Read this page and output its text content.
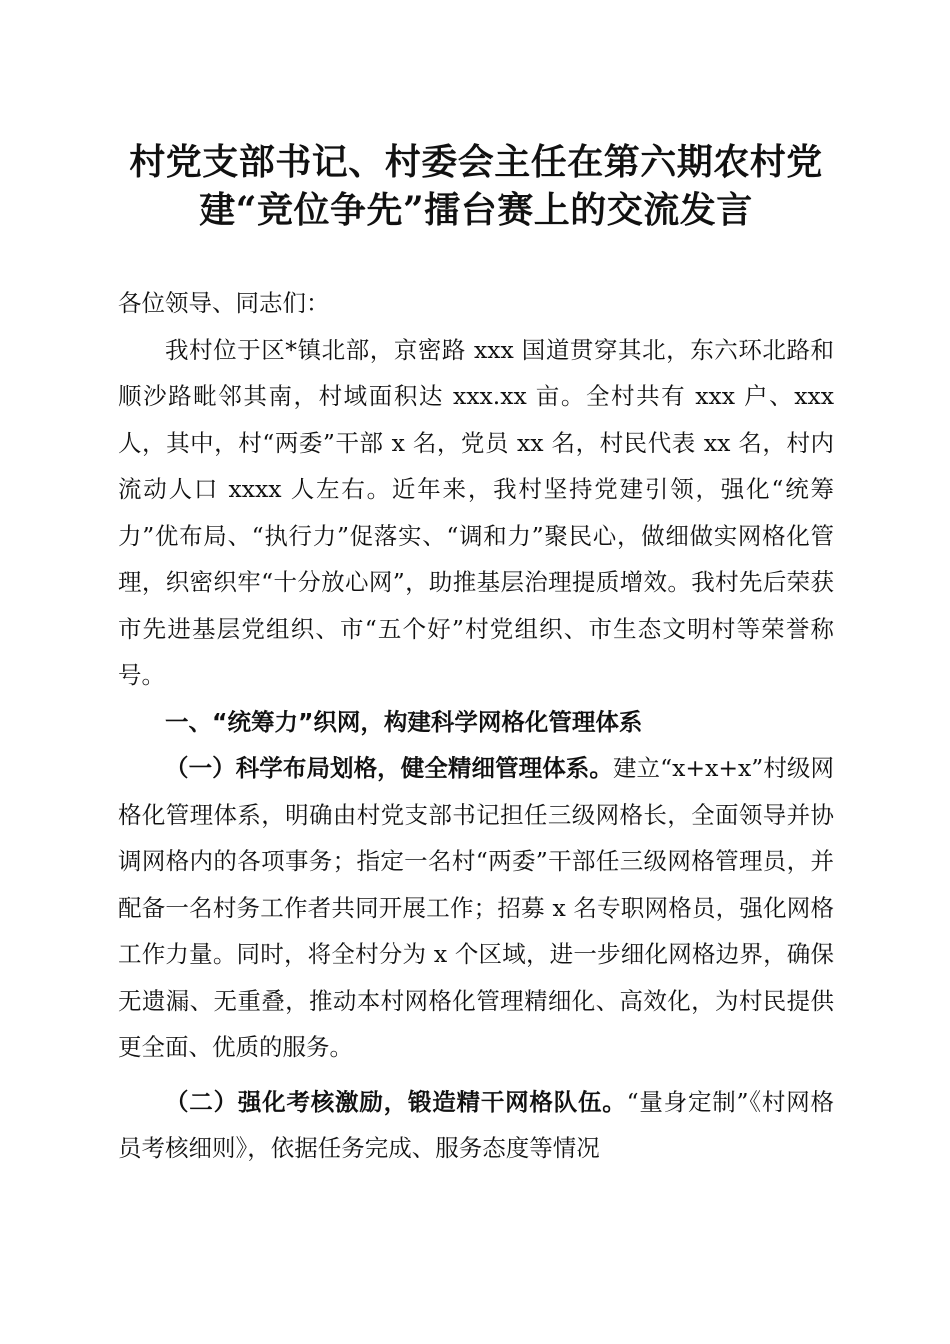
村党支部书记、村委会主任在第六期农村党
建“竞位争先”擂台赛上的交流发言

各位领导、同志们：

我村位于区*镇北部，京密路 xxx 国道贯穿其北，东六环北路和顺沙路毗邻其南，村域面积达 xxx.xx 亩。全村共有 xxx 户、xxx 人，其中，村“两委”干部 x 名，党员 xx 名，村民代表 xx 名，村内流动人口 xxxx 人左右。近年来，我村坚持党建引领，强化“统筹力”优布局、“执行力”促落实、“调和力”聚民心，做细做实网格化管理，织密织牢“十分放心网”，助推基层治理提质增效。我村先后荣获市先进基层党组织、市“五个好”村党组织、市生态文明村等荣誉称号。

一、“统筹力”织网，构建科学网格化管理体系

（一）科学布局划格，健全精细管理体系。建立“x+x+x”村级网格化管理体系，明确由村党支部书记担任三级网格长，全面领导并协调网格内的各项事务；指定一名村“两委”干部任三级网格管理员，并配备一名村务工作者共同开展工作；招募 x 名专职网格员，强化网格工作力量。同时，将全村分为 x 个区域，进一步细化网格边界，确保无遗漏、无重叠，推动本村网格化管理精细化、高效化，为村民提供更全面、优质的服务。

（二）强化考核激励，锻造精干网格队伍。“量身定制”《村网格员考核细则》，依据任务完成、服务态度等情况
